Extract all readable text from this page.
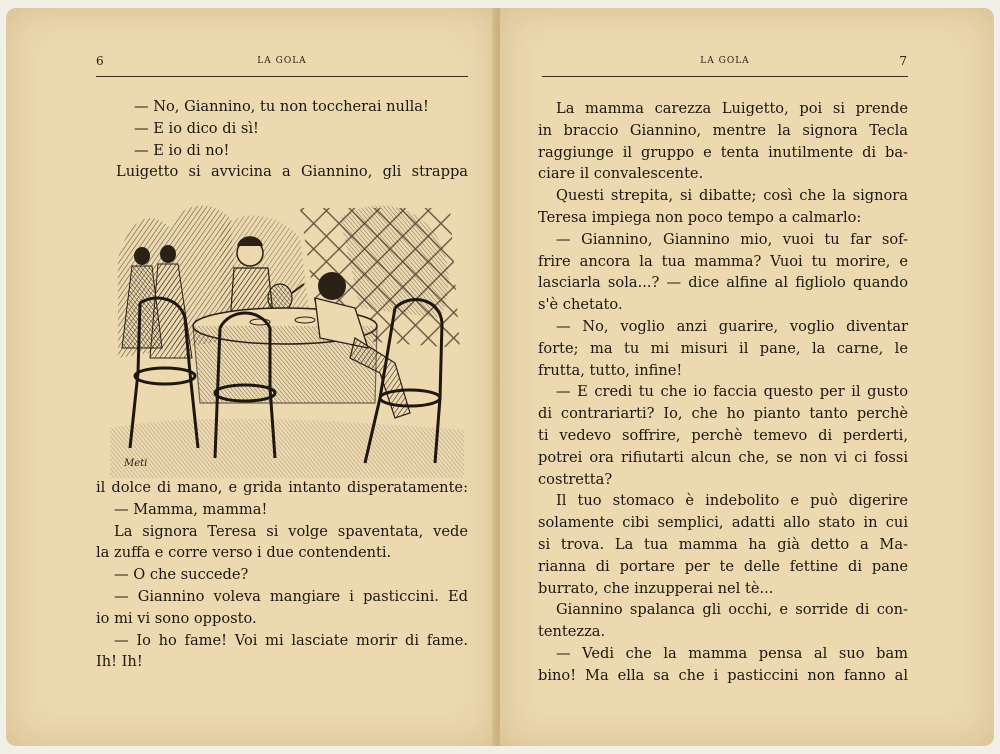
6	LA GOLA

— No, Giannino, tu non toccherai nulla!

— E io dico di sì!

— E io di no!

Luigetto si avvicina a Giannino, gli strappa

Meti

il dolce di mano, e grida intanto disperatamente:

— Mamma, mamma!

La signora Teresa si volge spaventata, vede

la zuffa e corre verso i due contendenti.

— O che succede?

— Giannino voleva mangiare i pasticcini. Ed

io mi vi sono opposto.

— Io ho fame! Voi mi lasciate morir di fame.

Ih! Ih!

LA GOLA	7

La mamma carezza Luigetto, poi si prende

in braccio Giannino, mentre la signora Tecla

raggiunge il gruppo e tenta inutilmente di ba-

ciare il convalescente.

Questi strepita, si dibatte; così che la signora

Teresa impiega non poco tempo a calmarlo:

— Giannino, Giannino mio, vuoi tu far sof-

frire ancora la tua mamma? Vuoi tu morire, e

lasciarla sola...? — dice alfine al figliolo quando

s'è chetato.

— No, voglio anzi guarire, voglio diventar

forte; ma tu mi misuri il pane, la carne, le

frutta, tutto, infine!

— E credi tu che io faccia questo per il gusto

di contrariarti? Io, che ho pianto tanto perchè

ti vedevo soffrire, perchè temevo di perderti,

potrei ora rifiutarti alcun che, se non vi ci fossi

costretta?

Il tuo stomaco è indebolito e può digerire

solamente cibi semplici, adatti allo stato in cui

si trova. La tua mamma ha già detto a Ma-

rianna di portare per te delle fettine di pane

burrato, che inzupperai nel tè...

Giannino spalanca gli occhi, e sorride di con-

tentezza.

— Vedi che la mamma pensa al suo bam

bino! Ma ella sa che i pasticcini non fanno al
